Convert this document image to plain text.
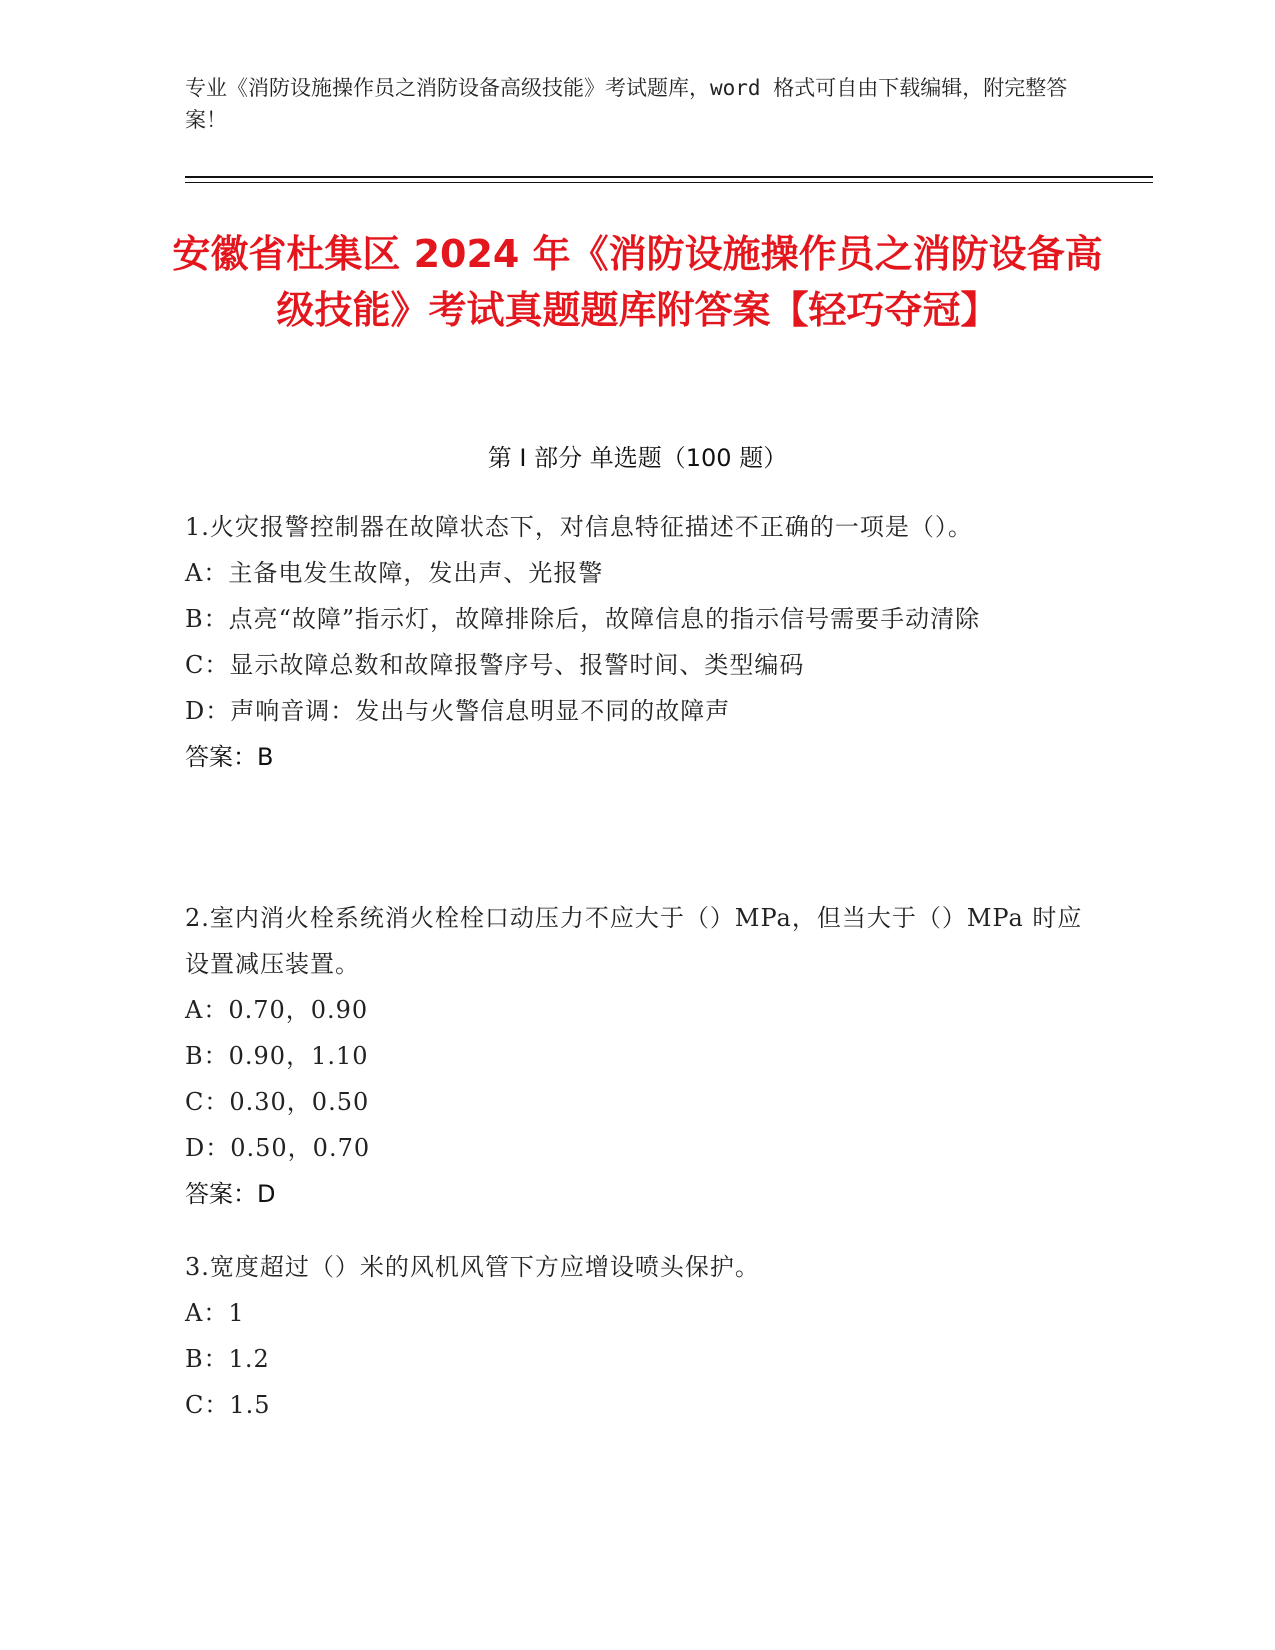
专业《消防设施操作员之消防设备高级技能》考试题库，word 格式可自由下载编辑，附完整答案！
安徽省杜集区 2024 年《消防设施操作员之消防设备高级技能》考试真题题库附答案【轻巧夺冠】
第 I 部分 单选题（100 题）
1.火灾报警控制器在故障状态下，对信息特征描述不正确的一项是（）。
A：主备电发生故障，发出声、光报警
B：点亮“故障”指示灯，故障排除后，故障信息的指示信号需要手动清除
C：显示故障总数和故障报警序号、报警时间、类型编码
D：声响音调：发出与火警信息明显不同的故障声
答案：B
2.室内消火栓系统消火栓栓口动压力不应大于（）MPa，但当大于（）MPa 时应设置减压装置。
A：0.70，0.90
B：0.90，1.10
C：0.30，0.50
D：0.50，0.70
答案：D
3.宽度超过（）米的风机风管下方应增设喷头保护。
A：1
B：1.2
C：1.5
